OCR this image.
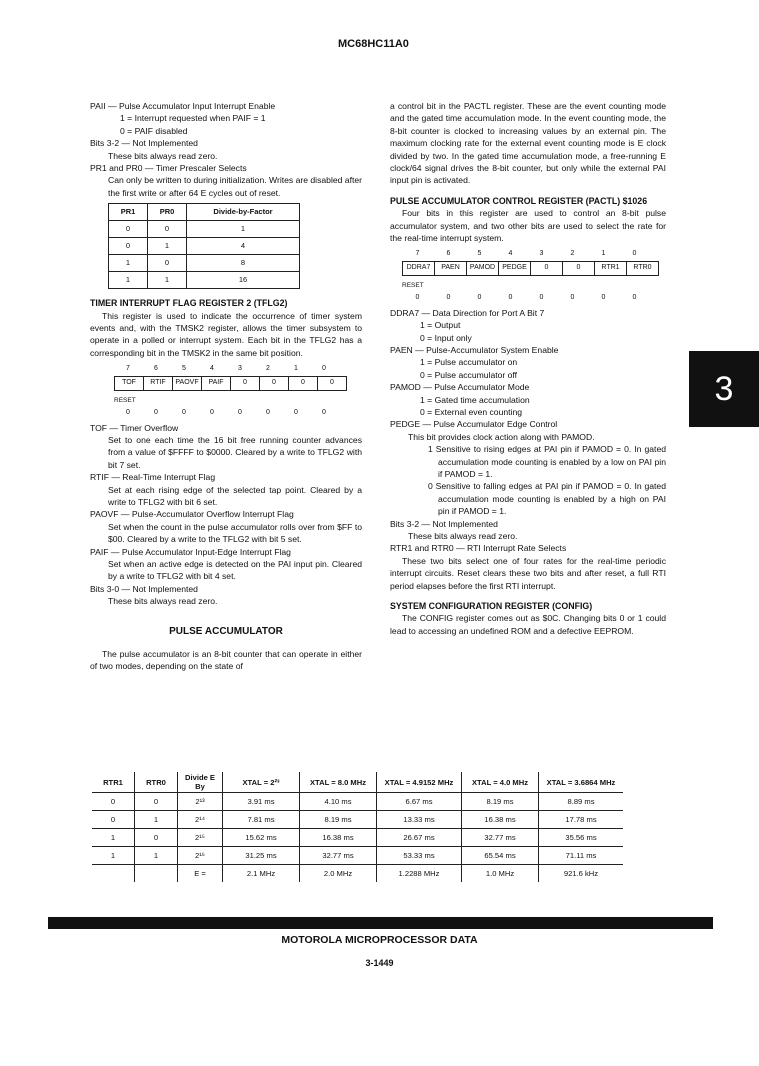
MC68HC11A0

PAII — Pulse Accumulator Input Interrupt Enable

1 = Interrupt requested when PAIF = 1

0 = PAIF disabled

Bits 3-2 — Not Implemented

These bits always read zero.

PR1 and PR0 — Timer Prescaler Selects

Can only be written to during initialization. Writes are disabled after the first write or after 64 E cycles out of reset.

PR1	PR0	Divide-by-Factor
0	0	1
0	1	4
1	0	8
1	1	16

TIMER INTERRUPT FLAG REGISTER 2 (TFLG2)

This register is used to indicate the occurrence of timer system events and, with the TMSK2 register, allows the timer subsystem to operate in a polled or interrupt system. Each bit in the TFLG2 has a corresponding bit in the TMSK2 in the same bit position.

7	6	5	4	3	2	1	0
TOF	RTIF	PAOVF	PAIF	0	0	0	0
RESET
0	0	0	0	0	0	0	0

TOF — Timer Overflow

Set to one each time the 16 bit free running counter advances from a value of $FFFF to $0000. Cleared by a write to TFLG2 with bit 7 set.

RTIF — Real-Time Interrupt Flag

Set at each rising edge of the selected tap point. Cleared by a write to TFLG2 with bit 6 set.

PAOVF — Pulse-Accumulator Overflow Interrupt Flag

Set when the count in the pulse accumulator rolls over from $FF to $00. Cleared by a write to the TFLG2 with bit 5 set.

PAIF — Pulse Accumulator Input-Edge Interrupt Flag

Set when an active edge is detected on the PAI input pin. Cleared by a write to TFLG2 with bit 4 set.

Bits 3-0 — Not Implemented

These bits always read zero.

PULSE ACCUMULATOR

The pulse accumulator is an 8-bit counter that can operate in either of two modes, depending on the state of

a control bit in the PACTL register. These are the event counting mode and the gated time accumulation mode. In the event counting mode, the 8-bit counter is clocked to increasing values by an external pin. The maximum clocking rate for the external event counting mode is E clock divided by two. In the gated time accumulation mode, a free-running E clock/64 signal drives the 8-bit counter, but only while the external PAI input pin is activated.

PULSE ACCUMULATOR CONTROL REGISTER (PACTL) $1026

Four bits in this register are used to control an 8-bit pulse accumulator system, and two other bits are used to select the rate for the real-time interrupt system.

7	6	5	4	3	2	1	0
DDRA7	PAEN	PAMOD	PEDGE	0	0	RTR1	RTR0
RESET
0	0	0	0	0	0	0	0

DDRA7 — Data Direction for Port A Bit 7

1 = Output

0 = Input only

PAEN — Pulse-Accumulator System Enable

1 = Pulse accumulator on

0 = Pulse accumulator off

PAMOD — Pulse Accumulator Mode

1 = Gated time accumulation

0 = External even counting

PEDGE — Pulse Accumulator Edge Control

This bit provides clock action along with PAMOD.

1 Sensitive to rising edges at PAI pin if PAMOD = 0. In gated accumulation mode counting is enabled by a low on PAI pin if PAMOD = 1.

0 Sensitive to falling edges at PAI pin if PAMOD = 0. In gated accumulation mode counting is enabled by a high on PAI pin if PAMOD = 1.

Bits 3-2 — Not Implemented

These bits always read zero.

RTR1 and RTR0 — RTI Interrupt Rate Selects

These two bits select one of four rates for the real-time periodic interrupt circuits. Reset clears these two bits and after reset, a full RTI period elapses before the first RTI interrupt.

SYSTEM CONFIGURATION REGISTER (CONFIG)

The CONFIG register comes out as $0C. Changing bits 0 or 1 could lead to accessing an undefined ROM and a defective EEPROM.

3
RTR1	RTR0	Divide E By	XTAL = 2²³	XTAL = 8.0 MHz	XTAL = 4.9152 MHz	XTAL = 4.0 MHz	XTAL = 3.6864 MHz
0	0	2¹³	3.91 ms	4.10 ms	6.67 ms	8.19 ms	8.89 ms
0	1	2¹⁴	7.81 ms	8.19 ms	13.33 ms	16.38 ms	17.78 ms
1	0	2¹⁵	15.62 ms	16.38 ms	26.67 ms	32.77 ms	35.56 ms
1	1	2¹⁶	31.25 ms	32.77 ms	53.33 ms	65.54 ms	71.11 ms
		E =	2.1 MHz	2.0 MHz	1.2288 MHz	1.0 MHz	921.6 kHz
MOTOROLA MICROPROCESSOR DATA
3-1449
